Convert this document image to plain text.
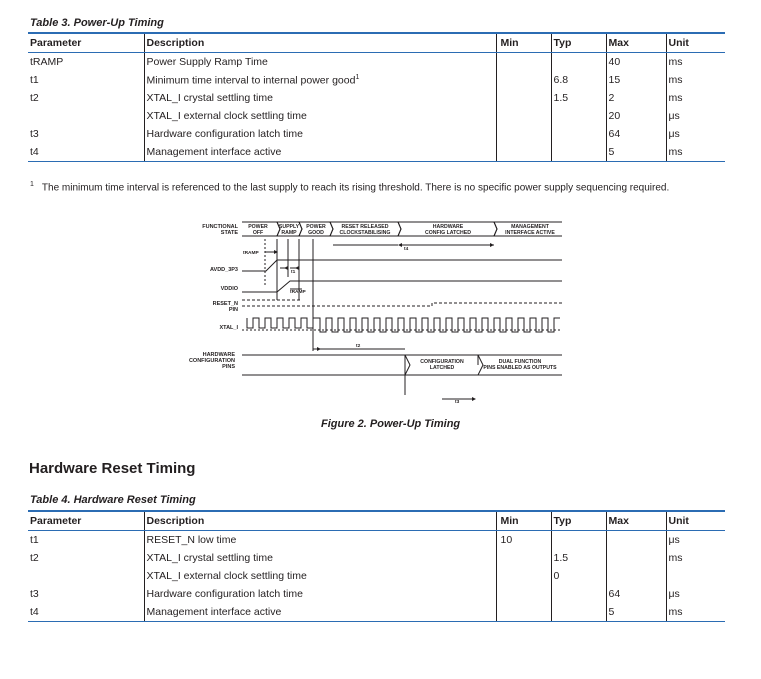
Table 3. Power-Up Timing
Parameter	Description	Min	Typ	Max	Unit
tRAMP	Power Supply Ramp Time			40	ms
t1	Minimum time interval to internal power good$^1$		6.8	15	ms
t2	XTAL_I crystal settling time		1.5	2	ms
	XTAL_I external clock settling time			20	μs
t3	Hardware configuration latch time			64	μs
t4	Management interface active			5	ms
$^1$ The minimum time interval is referenced to the last supply to reach its rising threshold. There is no specific power supply sequencing required.
FUNCTIONAL
STATE
AVDD_3P3
VDDIO
RESET_N
PIN
XTAL_I
HARDWARE
CONFIGURATION
PINS
POWER
OFF
SUPPLY
RAMP
POWER
GOOD
RESET RELEASED
CLOCKSTABILISING
HARDWARE
CONFIG LATCHED
MANAGEMENT
INTERFACE ACTIVE
CONFIGURATION
LATCHED
DUAL FUNCTION
PINS ENABLED AS OUTPUTS
tRAMP
tRAMP
t1
t4
t2
t3
Figure 2. Power-Up Timing
Hardware Reset Timing
Table 4. Hardware Reset Timing
Parameter	Description	Min	Typ	Max	Unit
t1	RESET_N low time	10			μs
t2	XTAL_I crystal settling time		1.5		ms
	XTAL_I external clock settling time		0		
t3	Hardware configuration latch time			64	μs
t4	Management interface active			5	ms
